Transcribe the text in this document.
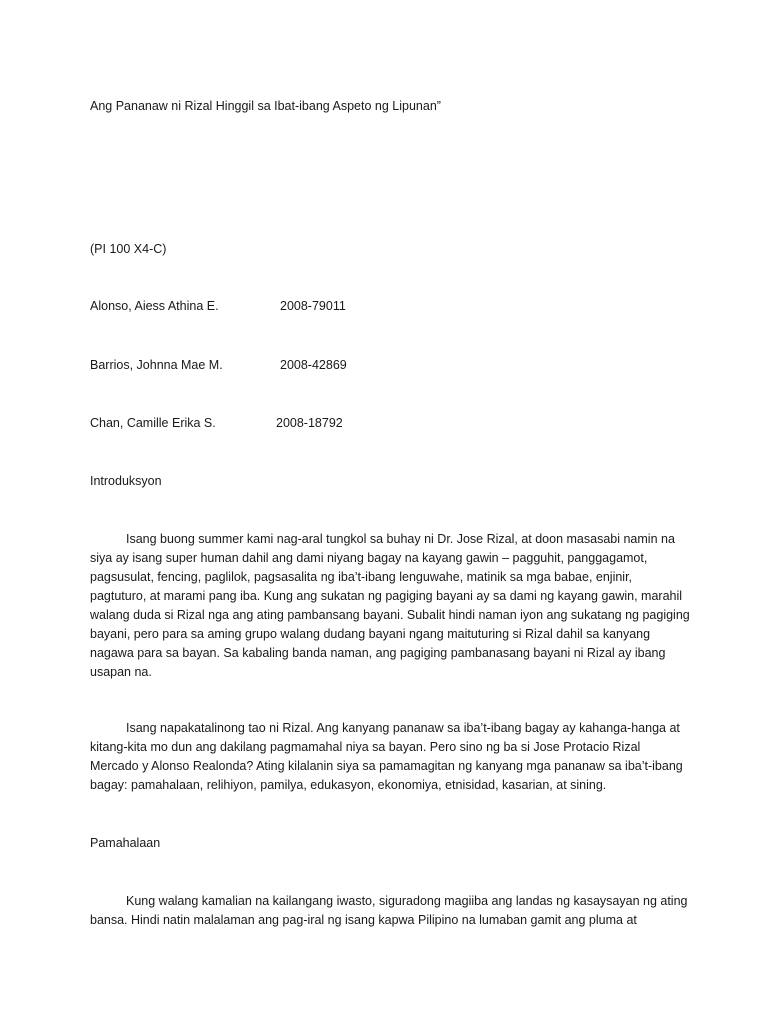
Ang Pananaw ni Rizal Hinggil sa Ibat-ibang Aspeto ng Lipunan”
(PI 100 X4-C)
Alonso, Aiess Athina E.	2008-79011
Barrios, Johnna Mae M.	2008-42869
Chan, Camille Erika S.	2008-18792
Introduksyon

Isang buong summer kami nag-aral tungkol sa buhay ni Dr. Jose Rizal, at doon masasabi namin na siya ay isang super human dahil ang dami niyang bagay na kayang gawin – pagguhit, panggagamot, pagsusulat, fencing, paglilok, pagsasalita ng iba’t-ibang lenguwahe, matinik sa mga babae, enjinir, pagtuturo, at marami pang iba. Kung ang sukatan ng pagiging bayani ay sa dami ng kayang gawin, marahil walang duda si Rizal nga ang ating pambansang bayani. Subalit hindi naman iyon ang sukatang ng pagiging bayani, pero para sa aming grupo walang dudang bayani ngang maituturing si Rizal dahil sa kanyang nagawa para sa bayan. Sa kabaling banda naman, ang pagiging pambanasang bayani ni Rizal ay ibang usapan na.

Isang napakatalinong tao ni Rizal. Ang kanyang pananaw sa iba’t-ibang bagay ay kahanga-hanga at kitang-kita mo dun ang dakilang pagmamahal niya sa bayan. Pero sino ng ba si Jose Protacio Rizal Mercado y Alonso Realonda? Ating kilalanin siya sa pamamagitan ng kanyang mga pananaw sa iba’t-ibang bagay: pamahalaan, relihiyon, pamilya, edukasyon, ekonomiya, etnisidad, kasarian, at sining.

Pamahalaan

Kung walang kamalian na kailangang iwasto, siguradong magiiba ang landas ng kasaysayan ng ating bansa. Hindi natin malalaman ang pag-iral ng isang kapwa Pilipino na lumaban gamit ang pluma at
